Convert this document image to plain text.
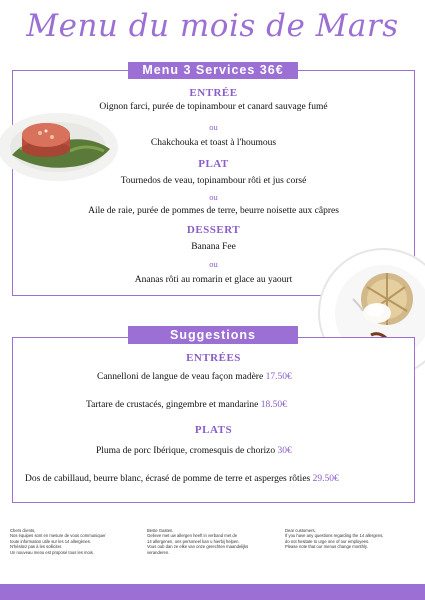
Menu du mois de Mars
ENTRÉE
Oignon farci, purée de topinambour et canard sauvage fumé
ou
Chakchouka et toast à l'houmous
PLAT
Tournedos de veau, topinambour rôti et jus corsé
ou
Aile de raie, purée de pommes de terre, beurre noisette aux câpres
DESSERT
Banana Fee
ou
Ananas rôti au romarin et glace au yaourt
Menu 3 Services 36€
ENTRÉES
Cannelloni de langue de veau façon madère 17.50€
Tartare de crustacés, gingembre et mandarine 18.50€
PLATS
Pluma de porc Ibérique, cromesquis de chorizo 30€
Dos de cabillaud, beurre blanc, écrasé de pomme de terre et asperges rôties 29.50€
Suggestions
Chers clients,
Nos équipes sont en mesure de vous communiquer
toute information utile sur les 14 allergènes.
N'hésitez pas à les solliciter.
Un nouveau menu est proposé tous les mois.
Beste Gasten,
Gelieve met uw allergen heeft in verband met de
14 allergenen, ons personeel kan u hierbij helpen.
Vous oub dan ze elke van onze gerechten maandelijks
veranderen.
Dear customers,
If you have any questions regarding the 14 allergens,
do not hesitate to urge one of our employees.
Please note that our menus change monthly.
